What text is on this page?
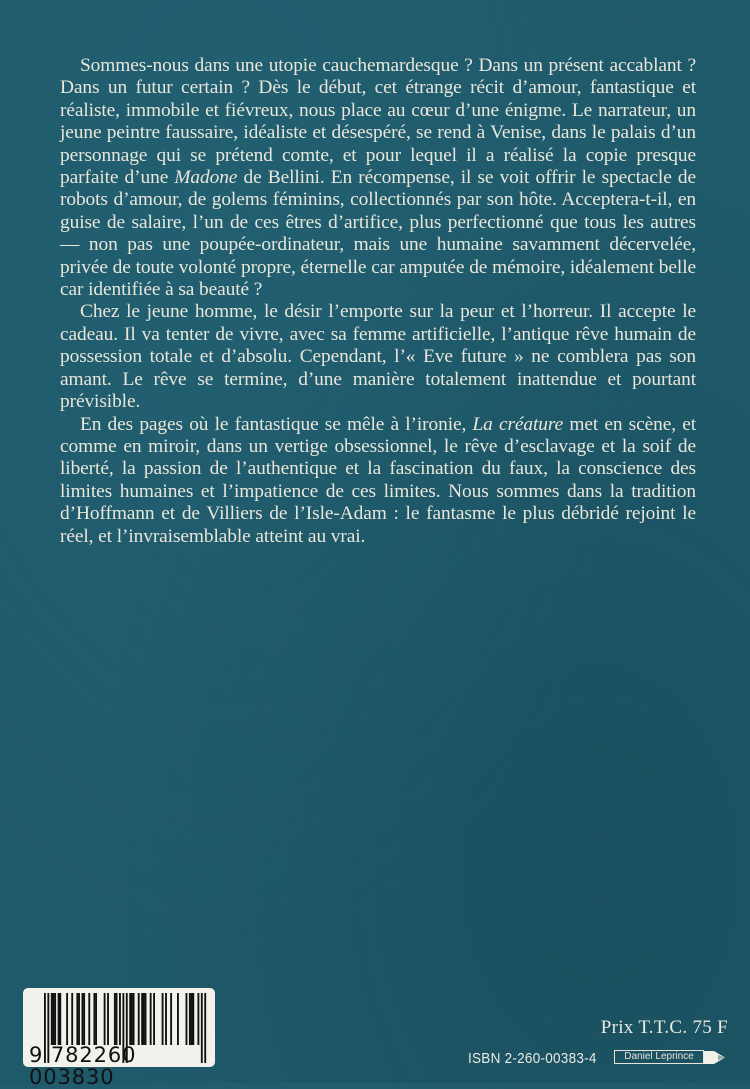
Sommes-nous dans une utopie cauchemardesque ? Dans un présent accablant ? Dans un futur certain ? Dès le début, cet étrange récit d’amour, fantastique et réaliste, immobile et fiévreux, nous place au cœur d’une énigme. Le narrateur, un jeune peintre faussaire, idéaliste et désespéré, se rend à Venise, dans le palais d’un personnage qui se prétend comte, et pour lequel il a réalisé la copie presque parfaite d’une Madone de Bellini. En récompense, il se voit offrir le spectacle de robots d’amour, de golems féminins, collectionnés par son hôte. Acceptera-t-il, en guise de salaire, l’un de ces êtres d’artifice, plus perfectionné que tous les autres — non pas une poupée-ordinateur, mais une humaine savamment décervelée, privée de toute volonté propre, éternelle car amputée de mémoire, idéalement belle car identifiée à sa beauté ?

Chez le jeune homme, le désir l’emporte sur la peur et l’horreur. Il accepte le cadeau. Il va tenter de vivre, avec sa femme artificielle, l’antique rêve humain de possession totale et d’absolu. Cependant, l’« Eve future » ne comblera pas son amant. Le rêve se termine, d’une manière totalement inattendue et pourtant prévisible.

En des pages où le fantastique se mêle à l’ironie, La créature met en scène, et comme en miroir, dans un vertige obsessionnel, le rêve d’esclavage et la soif de liberté, la passion de l’authentique et la fascination du faux, la conscience des limites humaines et l’impatience de ces limites. Nous sommes dans la tradition d’Hoffmann et de Villiers de l’Isle-Adam : le fantasme le plus débridé rejoint le réel, et l’invraisemblable atteint au vrai.

9 782260 003830
Prix T.T.C. 75 F
ISBN 2-260-00383-4	Daniel Leprince
